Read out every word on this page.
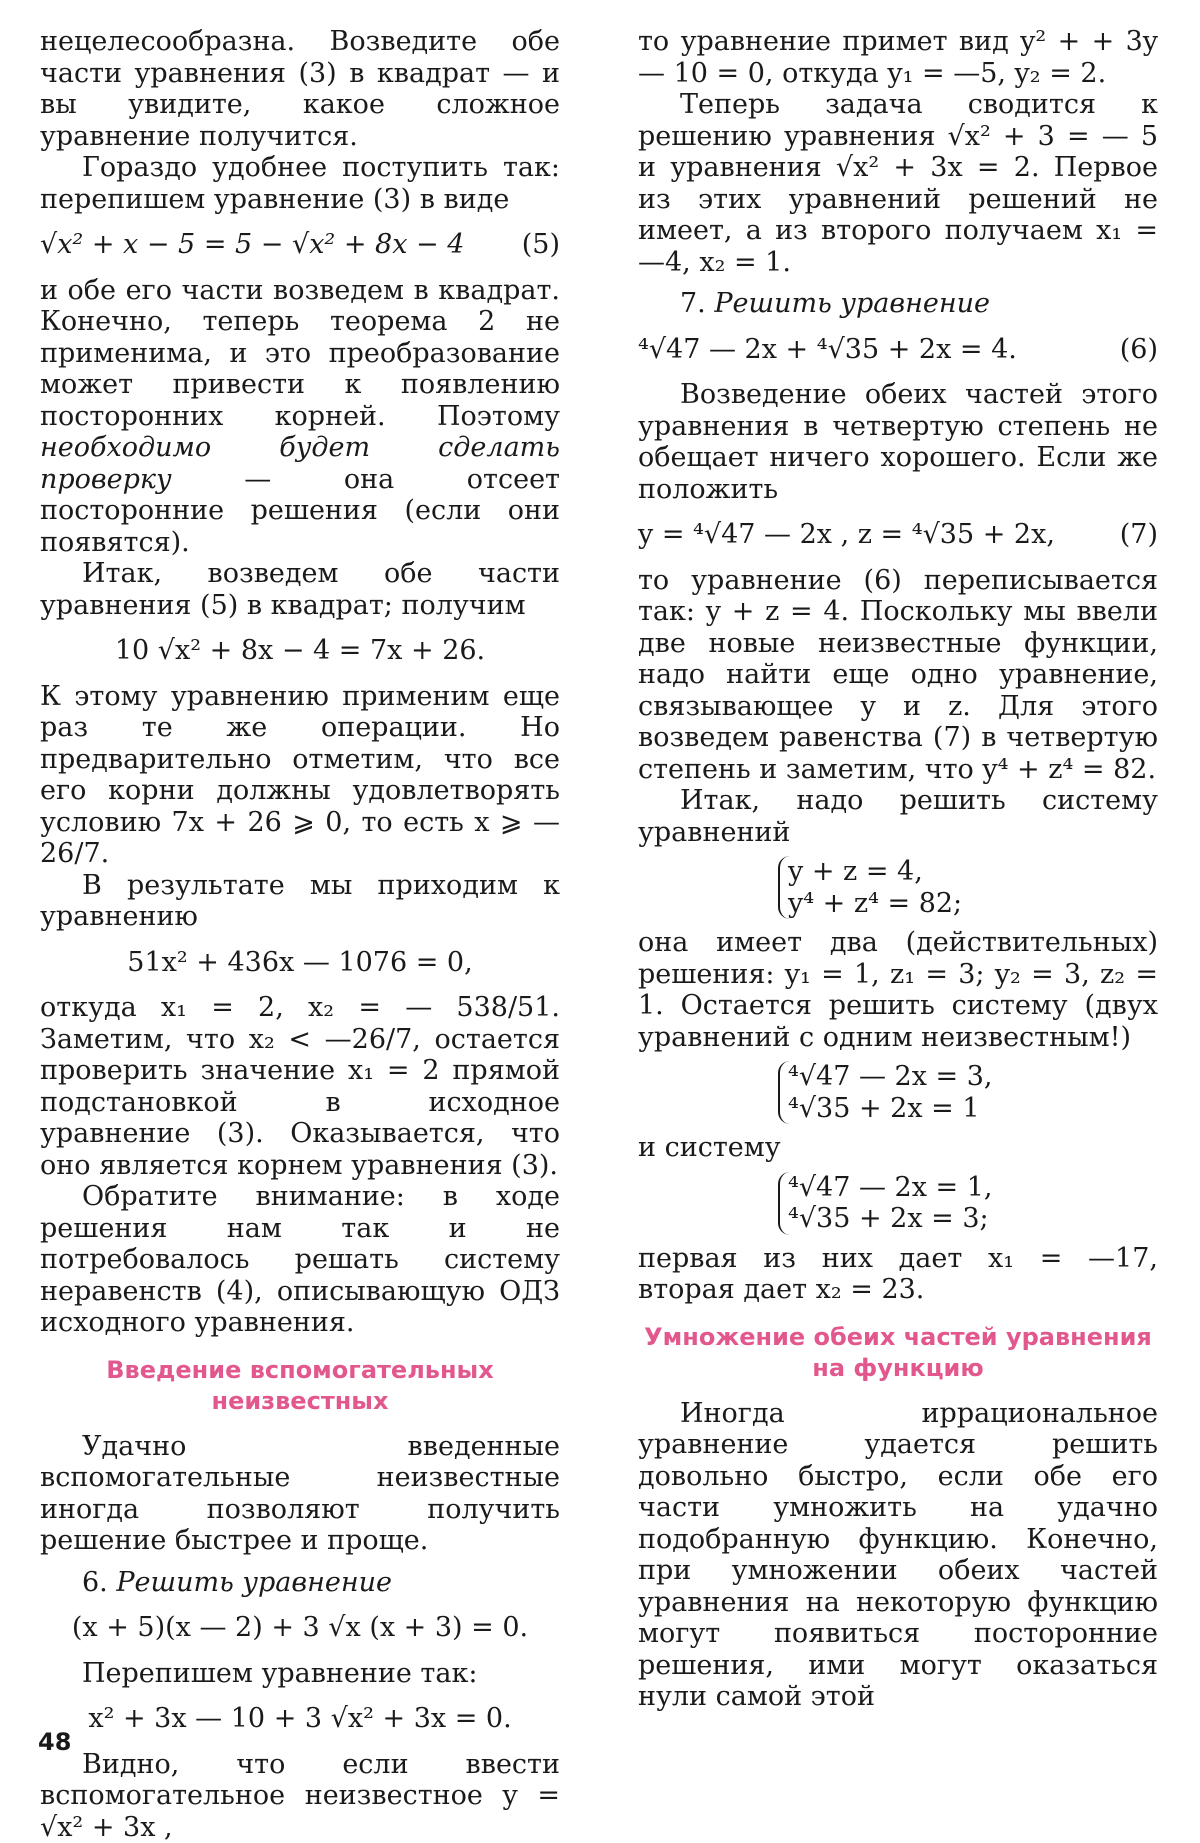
нецелесообразна. Возведите обе части уравнения (3) в квадрат — и вы увидите, какое сложное уравнение получится.

Гораздо удобнее поступить так: перепишем уравнение (3) в виде

√x² + x − 5 = 5 − √x² + 8x − 4 (5)

и обе его части возведем в квадрат. Конечно, теперь теорема 2 не применима, и это преобразование может привести к появлению посторонних корней. Поэтому необходимо будет сделать проверку — она отсеет посторонние решения (если они появятся).

Итак, возведем обе части уравнения (5) в квадрат; получим

10 √x² + 8x − 4 = 7x + 26.

К этому уравнению применим еще раз те же операции. Но предварительно отметим, что все его корни должны удовлетворять условию 7x + 26 ⩾ 0, то есть x ⩾ — 26/7.

В результате мы приходим к уравнению

51x² + 436x — 1076 = 0,

откуда x₁ = 2, x₂ = — 538/51. Заметим, что x₂ < —26/7, остается проверить значение x₁ = 2 прямой подстановкой в исходное уравнение (3). Оказывается, что оно является корнем уравнения (3).

Обратите внимание: в ходе решения нам так и не потребовалось решать систему неравенств (4), описывающую ОДЗ исходного уравнения.

Введение вспомогательных неизвестных

Удачно введенные вспомогательные неизвестные иногда позволяют получить решение быстрее и проще.

6. Решить уравнение

(x + 5)(x — 2) + 3 √x (x + 3) = 0.

Перепишем уравнение так:

x² + 3x — 10 + 3 √x² + 3x = 0.

Видно, что если ввести вспомогательное неизвестное y = √x² + 3x ,

то уравнение примет вид y² + + 3y — 10 = 0, откуда y₁ = —5, y₂ = 2.

Теперь задача сводится к решению уравнения √x² + 3 = — 5 и уравнения √x² + 3x = 2. Первое из этих уравнений решений не имеет, а из второго получаем x₁ = —4, x₂ = 1.

7. Решить уравнение

⁴√47 — 2x + ⁴√35 + 2x = 4.	(6)

Возведение обеих частей этого уравнения в четвертую степень не обещает ничего хорошего. Если же положить

y = ⁴√47 — 2x , z = ⁴√35 + 2x, (7)

то уравнение (6) переписывается так: y + z = 4. Поскольку мы ввели две новые неизвестные функции, надо найти еще одно уравнение, связывающее y и z. Для этого возведем равенства (7) в четвертую степень и заметим, что y⁴ + z⁴ = 82.

Итак, надо решить систему уравнений

y + z = 4,
y⁴ + z⁴ = 82;

она имеет два (действительных) решения: y₁ = 1, z₁ = 3; y₂ = 3, z₂ = 1. Остается решить систему (двух уравнений с одним неизвестным!)

⁴√47 — 2x = 3,
⁴√35 + 2x = 1

и систему

⁴√47 — 2x = 1,
⁴√35 + 2x = 3;

первая из них дает x₁ = —17, вторая дает x₂ = 23.

Умножение обеих частей уравнения на функцию

Иногда иррациональное уравнение удается решить довольно быстро, если обе его части умножить на удачно подобранную функцию. Конечно, при умножении обеих частей уравнения на некоторую функцию могут появиться посторонние решения, ими могут оказаться нули самой этой

48
